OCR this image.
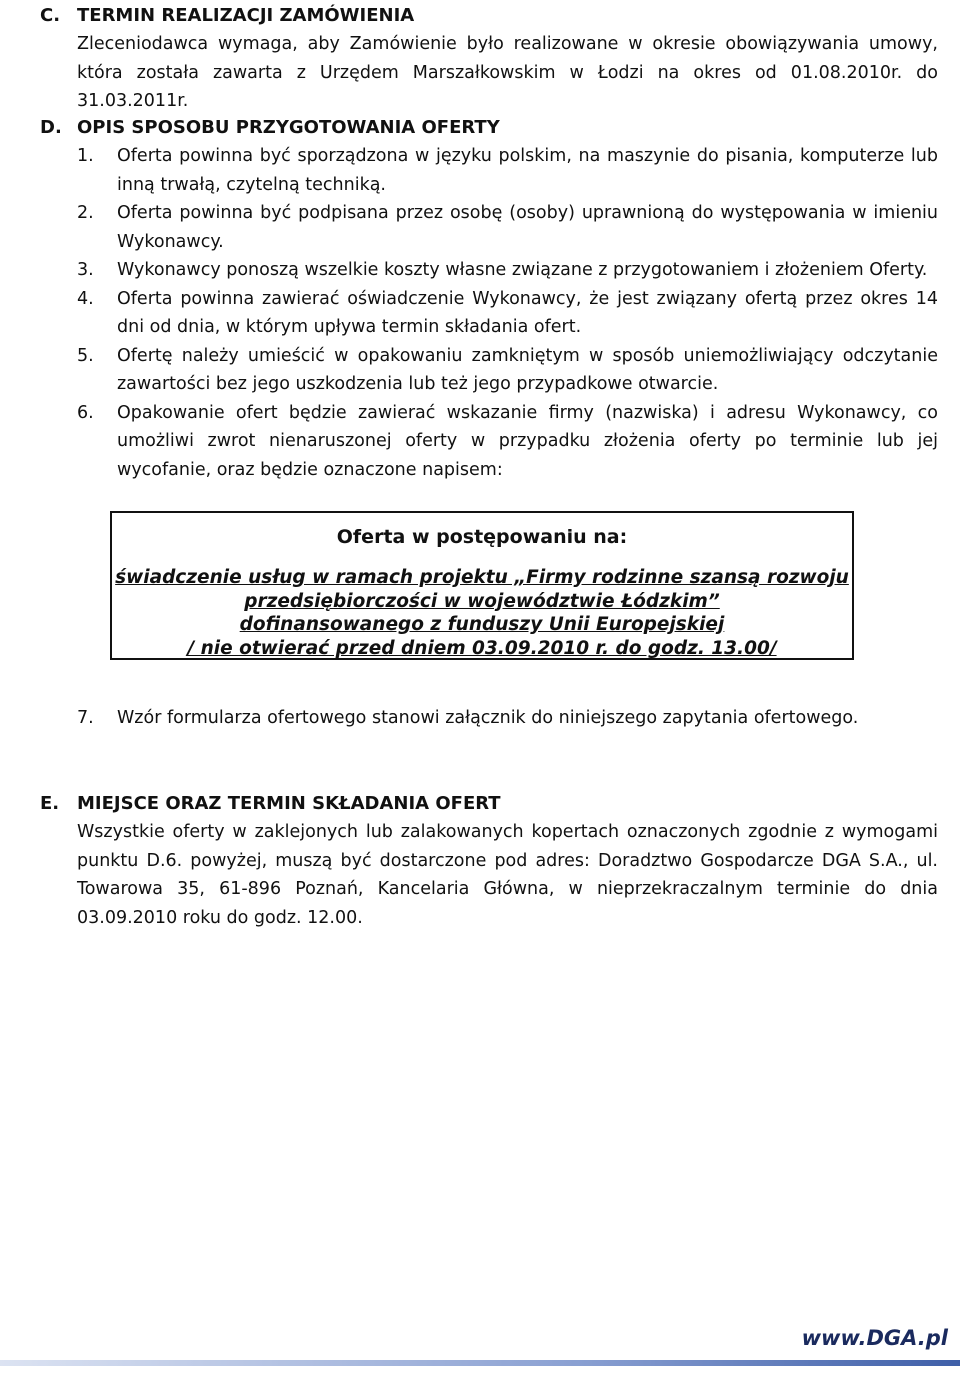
C. TERMIN REALIZACJI ZAMÓWIENIA
Zleceniodawca wymaga, aby Zamówienie było realizowane w okresie obowiązywania umowy, która została zawarta z Urzędem Marszałkowskim w Łodzi na okres od 01.08.2010r. do 31.03.2011r.
D. OPIS SPOSOBU PRZYGOTOWANIA OFERTY
1. Oferta powinna być sporządzona w języku polskim, na maszynie do pisania, komputerze lub inną trwałą, czytelną techniką.
2. Oferta powinna być podpisana przez osobę (osoby) uprawnioną do występowania w imieniu Wykonawcy.
3. Wykonawcy ponoszą wszelkie koszty własne związane z przygotowaniem i złożeniem Oferty.
4. Oferta powinna zawierać oświadczenie Wykonawcy, że jest związany ofertą przez okres 14 dni od dnia, w którym upływa termin składania ofert.
5. Ofertę należy umieścić w opakowaniu zamkniętym w sposób uniemożliwiający odczytanie zawartości bez jego uszkodzenia lub też jego przypadkowe otwarcie.
6. Opakowanie ofert będzie zawierać wskazanie firmy (nazwiska) i adresu Wykonawcy, co umożliwi zwrot nienaruszonej oferty w przypadku złożenia oferty po terminie lub jej wycofanie, oraz będzie oznaczone napisem:
Oferta w postępowaniu na:
świadczenie usług w ramach projektu „Firmy rodzinne szansą rozwoju
przedsiębiorczości w województwie Łódzkim”
dofinansowanego z funduszy Unii Europejskiej
/ nie otwierać przed dniem 03.09.2010 r. do godz. 13.00/
7. Wzór formularza ofertowego stanowi załącznik do niniejszego zapytania ofertowego.
E. MIEJSCE ORAZ TERMIN SKŁADANIA OFERT
Wszystkie oferty w zaklejonych lub zalakowanych kopertach oznaczonych zgodnie z wymogami punktu D.6. powyżej, muszą być dostarczone pod adres: Doradztwo Gospodarcze DGA S.A., ul. Towarowa 35, 61-896 Poznań, Kancelaria Główna, w nieprzekraczalnym terminie do dnia 03.09.2010 roku do godz. 12.00.
www.DGA.pl
